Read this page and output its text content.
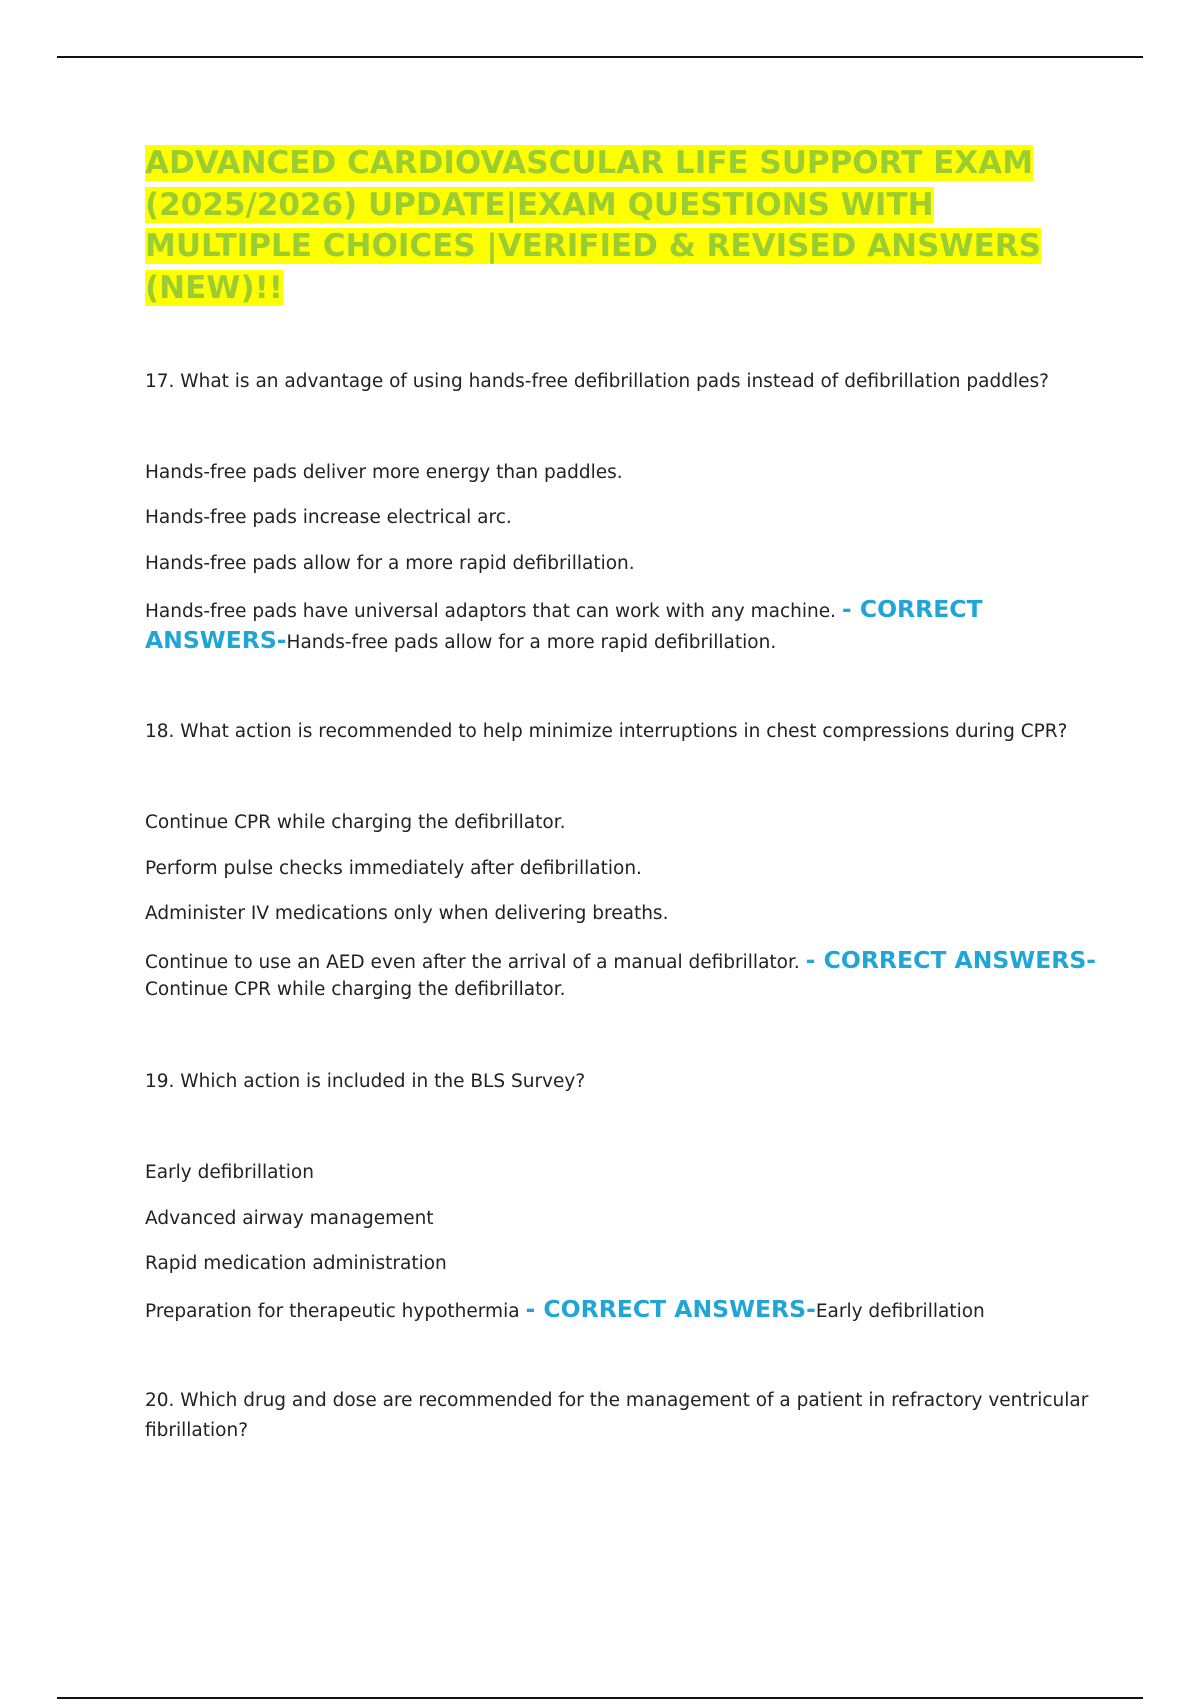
ADVANCED CARDIOVASCULAR LIFE SUPPORT EXAM (2025/2026) UPDATE|EXAM QUESTIONS WITH MULTIPLE CHOICES |VERIFIED & REVISED ANSWERS (NEW)!!
17. What is an advantage of using hands-free defibrillation pads instead of defibrillation paddles?
Hands-free pads deliver more energy than paddles.
Hands-free pads increase electrical arc.
Hands-free pads allow for a more rapid defibrillation.
Hands-free pads have universal adaptors that can work with any machine. - CORRECT
ANSWERS-Hands-free pads allow for a more rapid defibrillation.
18. What action is recommended to help minimize interruptions in chest compressions during CPR?
Continue CPR while charging the defibrillator.
Perform pulse checks immediately after defibrillation.
Administer IV medications only when delivering breaths.
Continue to use an AED even after the arrival of a manual defibrillator. - CORRECT ANSWERS-
Continue CPR while charging the defibrillator.
19. Which action is included in the BLS Survey?
Early defibrillation
Advanced airway management
Rapid medication administration
Preparation for therapeutic hypothermia - CORRECT ANSWERS-Early defibrillation
20. Which drug and dose are recommended for the management of a patient in refractory ventricular fibrillation?
